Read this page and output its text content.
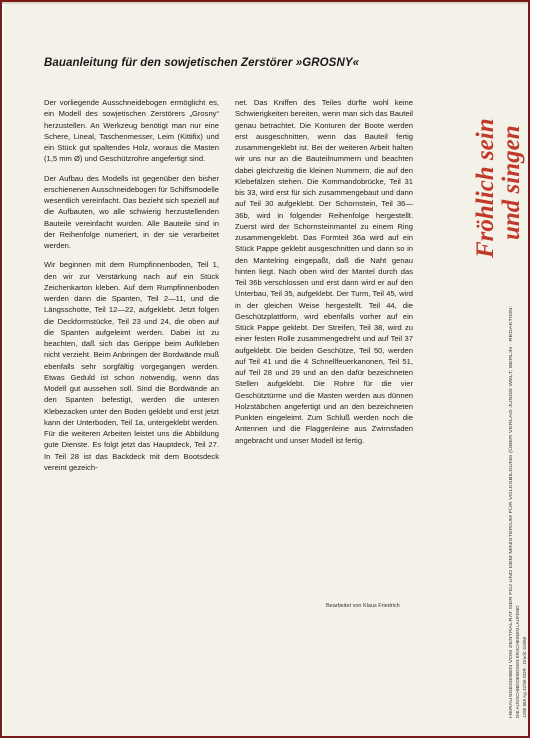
Bauanleitung für den sowjetischen Zerstörer »GROSNY«

Der vorliegende Ausschneidebogen ermöglicht es, ein Modell des sowjetischen Zerstörers „Grosny“ herzustellen. An Werkzeug benötigt man nur eine Schere, Lineal, Taschenmesser, Leim (Kittifix) und ein Stück gut spaltendes Holz, woraus die Masten (1,5 mm Ø) und Geschützrohre angefertigt sind.

Der Aufbau des Modells ist gegenüber den bisher erschienenen Ausschneidebogen für Schiffsmodelle wesentlich vereinfacht. Das bezieht sich speziell auf die Aufbauten, wo alle schwierig herzustellenden Bauteile vereinfacht wurden. Alle Bauteile sind in der Reihenfolge numeriert, in der sie verarbeitet werden.

Wir beginnen mit dem Rumpfinnenboden, Teil 1, den wir zur Verstärkung nach auf ein Stück Zeichenkarton kleben. Auf dem Rumpfinnenboden werden dann die Spanten, Teil 2—11, und die Längsschotte, Teil 12—22, aufgeklebt. Jetzt folgen die Deckformstücke, Teil 23 und 24, die oben auf die Spanten aufgeleimt werden. Dabei ist zu beachten, daß sich das Gerippe beim Aufkleben nicht verzieht. Beim Anbringen der Bordwände muß ebenfalls sehr sorgfältig vorgegangen werden. Etwas Geduld ist schon notwendig, wenn das Modell gut aussehen soll. Sind die Bordwände an den Spanten befestigt, werden die unteren Klebezacken unter den Boden geklebt und erst jetzt kann der Unterboden, Teil 1a, untergeklebt werden. Für die weiteren Arbeiten leistet uns die Abbildung gute Dienste. Es folgt jetzt das Hauptdeck, Teil 27. In Teil 28 ist das Backdeck mit dem Bootsdeck vereint gezeich-

net. Das Kniffen des Teiles dürfte wohl keine Schwierigkeiten bereiten, wenn man sich das Bauteil genau betrachtet. Die Konturen der Boote werden erst ausgeschnitten, wenn das Bauteil fertig zusammengeklebt ist. Bei der weiteren Arbeit halten wir uns nur an die Bauteilnummern und beachten dabei gleichzeitig die kleinen Nummern, die auf den Klebefälzen stehen. Die Kommandobrücke, Teil 31 bis 33, wird erst für sich zusammengebaut und dann auf Teil 30 aufgeklebt. Der Schornstein, Teil 36—36b, wird in folgender Reihenfolge hergestellt. Zuerst wird der Schornsteinmantel zu einem Ring zusammengeklebt. Das Formteil 36a wird auf ein Stück Pappe geklebt ausgeschnitten und dann so in den Mantelring eingepaßt, daß die Naht genau hinten liegt. Nach oben wird der Mantel durch das Teil 36b verschlossen und erst dann wird er auf den Unterbau, Teil 35, aufgeklebt. Der Turm, Teil 45, wird in der gleichen Weise hergestellt. Teil 44, die Geschützplattform, wird ebenfalls vorher auf ein Stück Pappe geklebt. Der Streifen, Teil 38, wird zu einer festen Rolle zusammengedreht und auf Teil 37 aufgeklebt. Die beiden Geschütze, Teil 50, werden auf Teil 41 und die 4 Schnellfeuerkanonen, Teil 51, auf Teil 28 und 29 und an den dafür bezeichneten Stellen aufgeklebt. Die Rohre für die vier Geschütztürme und die Masten werden aus dünnen Holzstäbchen angefertigt und an den bezeichneten Punkten eingeleimt. Zum Schluß werden noch die Antennen und die Flaggenleine aus Zwirnsfaden angebracht und unser Modell ist fertig.

Bearbeitet von Klaus Friedrich
Fröhlich sein und singen
HERAUSGEGEBEN VOM ZENTRALRAT DER FDJ UND DEM MINISTERIUM FÜR VOLKSBILDUNG (ÜBER VERLAG JUNGE WELT, BERLIN · REDAKTION: DIE AUSSCHNEIDEBOGEN ERSCHEINEN LAUFEND 1285 885 Ag 42/56 DDR · Druck: 5/4/69
